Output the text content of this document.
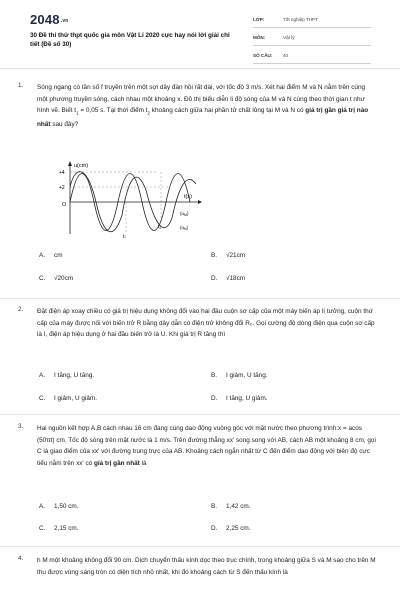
2048.vn
30 Đề thi thử thpt quốc gia môn Vật Lí 2020 cực hay nói lời giải chi tiết (Đề số 30)
LỚP:	Tốt nghiệp THPT
MÔN:	Vật lý
SỐ CÂU: 40
1. Sóng ngang có tần số f truyền trên một sợi dây đàn hồi rất dài, với tốc độ 3 m/s. Xét hai điểm M và N nằm trên cùng một phương truyền sóng, cách nhau một khoảng x. Đồ thị biểu diễn li độ sóng của M và N cùng theo thời gian t như hình vẽ. Biết $t_1 = 0,05$ s. Tại thời điểm $t_2$ khoảng cách giữa hai phần tử chất lỏng tại M và N có giá trị gần giá trị nào nhất sau đây?
u(cm)
+4
+2
O
t(s)
$(u_M)$
$(u_N)$
$t_1$
$t_2$
A. cm	B. √21cm
C. √20cm	D. √18cm
2. Đặt điện áp xoay chiều có giá trị hiệu dụng không đổi vào hai đầu cuộn sơ cấp của một máy biến áp lí tưởng, cuộn thứ cấp của máy được nối với biến trở R bằng dây dẫn có điện trở không đổi R₀. Gọi cường độ dòng điện qua cuộn sơ cấp là I, điện áp hiệu dụng ở hai đầu biến trở là U. Khi giá trị R tăng thì
A. I tăng, U tăng.	B. I giảm, U tăng.
C. I giảm, U giảm.	D. I tăng, U giảm.
3. Hai nguồn kết hợp A,B cách nhau 16 cm đang cùng dao động vuông góc với mặt nước theo phương trình:x = acos (50πt) cm. Tốc độ sóng trên mặt nước là 1 m/s. Trên đường thẳng xx' song song với AB, cách AB một khoảng 8 cm, gọi C là giao điểm của xx' với đường trung trực của AB. Khoảng cách ngắn nhất từ C đến điểm dao động với biên độ cực tiểu nằm trên xx' có giá trị gần nhất là
A. 1,50 cm.	B. 1,42 cm.
C. 2,15 cm.	D. 2,25 cm.
4. h M một khoảng không đổi 90 cm. Dịch chuyển thấu kính dọc theo trục chính, trong khoảng giữa S và M sao cho trên M thu được vùng sáng tròn có diện tích nhỏ nhất, khi đó khoảng cách từ S đến thấu kính là
